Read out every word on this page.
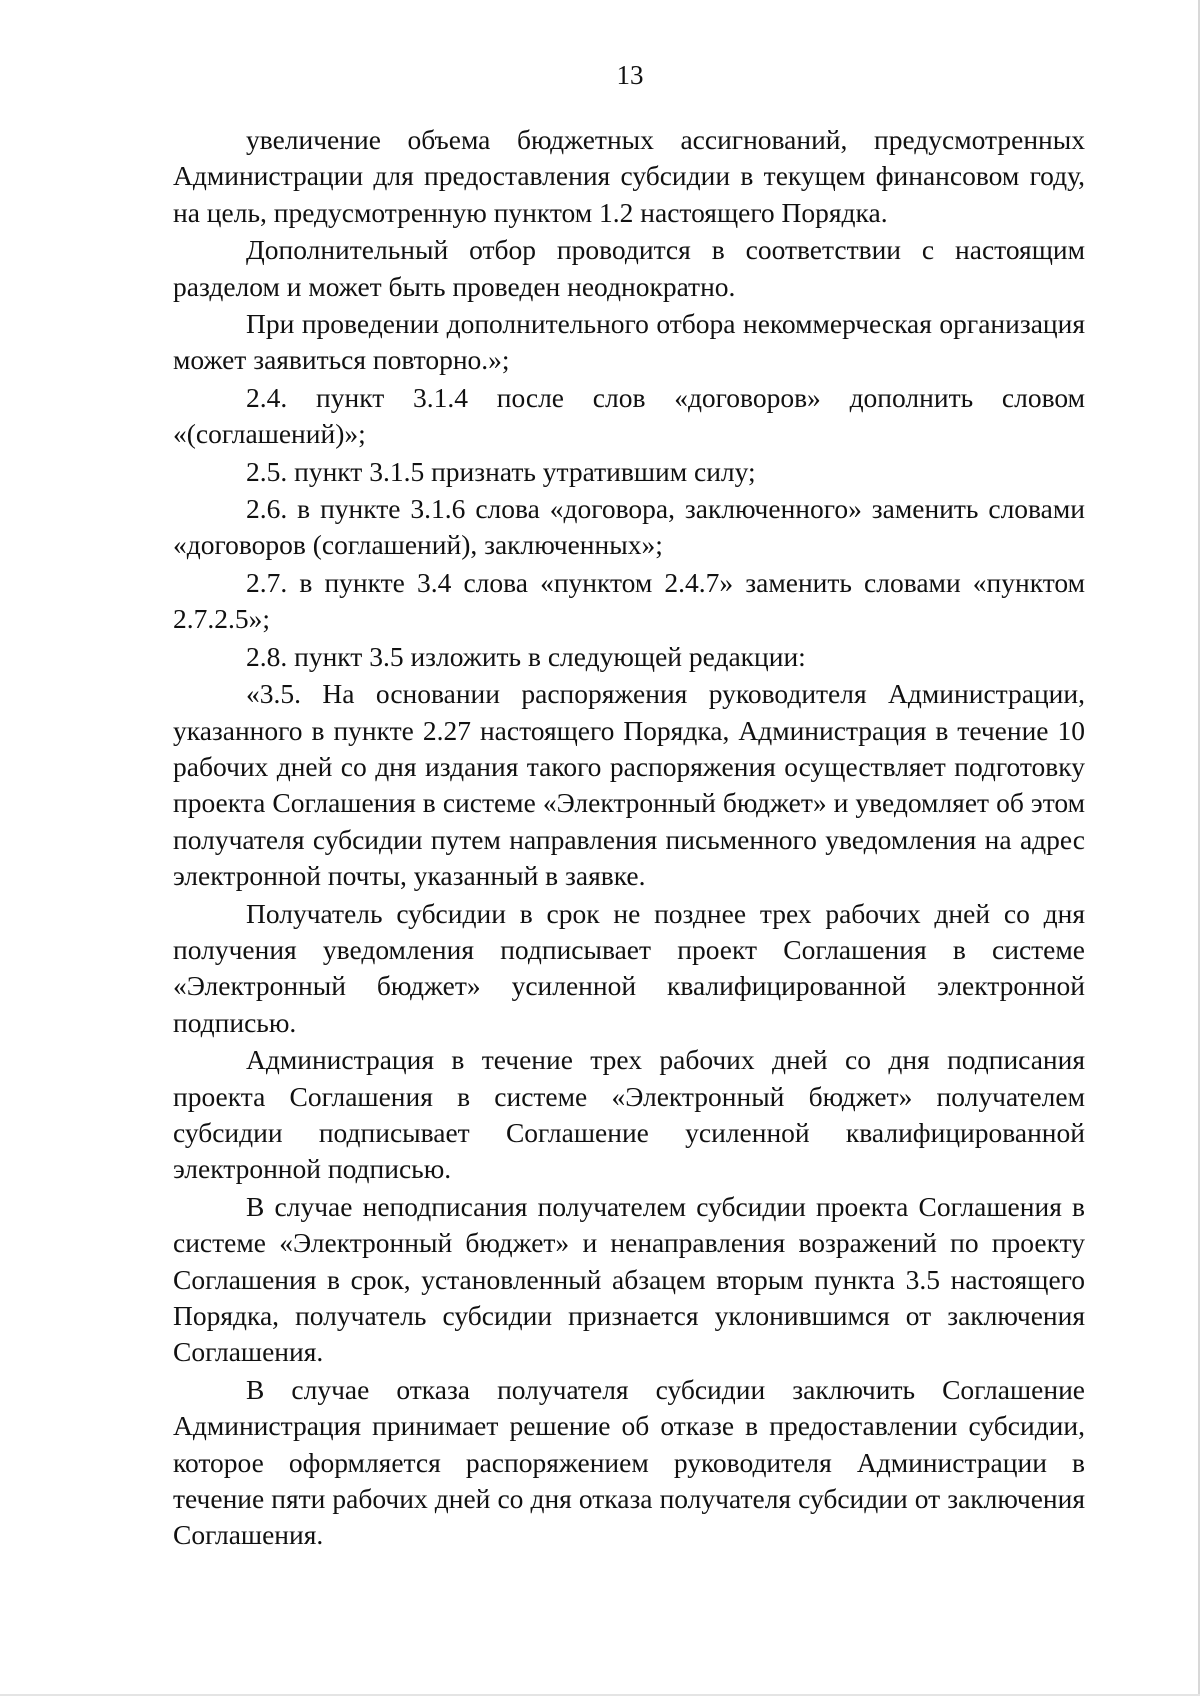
13

увеличение объема бюджетных ассигнований, предусмотренных Администрации для предоставления субсидии в текущем финансовом году, на цель, предусмотренную пунктом 1.2 настоящего Порядка.

Дополнительный отбор проводится в соответствии с настоящим разделом и может быть проведен неоднократно.

При проведении дополнительного отбора некоммерческая организация может заявиться повторно.»;

2.4. пункт 3.1.4 после слов «договоров» дополнить словом «(соглашений)»;

2.5. пункт 3.1.5 признать утратившим силу;

2.6. в пункте 3.1.6 слова «договора, заключенного» заменить словами «договоров (соглашений), заключенных»;

2.7. в пункте 3.4 слова «пунктом 2.4.7» заменить словами «пунктом 2.7.2.5»;

2.8. пункт 3.5 изложить в следующей редакции:

«3.5. На основании распоряжения руководителя Администрации, указанного в пункте 2.27 настоящего Порядка, Администрация в течение 10 рабочих дней со дня издания такого распоряжения осуществляет подготовку проекта Соглашения в системе «Электронный бюджет» и уведомляет об этом получателя субсидии путем направления письменного уведомления на адрес электронной почты, указанный в заявке.

Получатель субсидии в срок не позднее трех рабочих дней со дня получения уведомления подписывает проект Соглашения в системе «Электронный бюджет» усиленной квалифицированной электронной подписью.

Администрация в течение трех рабочих дней со дня подписания проекта Соглашения в системе «Электронный бюджет» получателем субсидии подписывает Соглашение усиленной квалифицированной электронной подписью.

В случае неподписания получателем субсидии проекта Соглашения в системе «Электронный бюджет» и ненаправления возражений по проекту Соглашения в срок, установленный абзацем вторым пункта 3.5 настоящего Порядка, получатель субсидии признается уклонившимся от заключения Соглашения.

В случае отказа получателя субсидии заключить Соглашение Администрация принимает решение об отказе в предоставлении субсидии, которое оформляется распоряжением руководителя Администрации в течение пяти рабочих дней со дня отказа получателя субсидии от заключения Соглашения.
